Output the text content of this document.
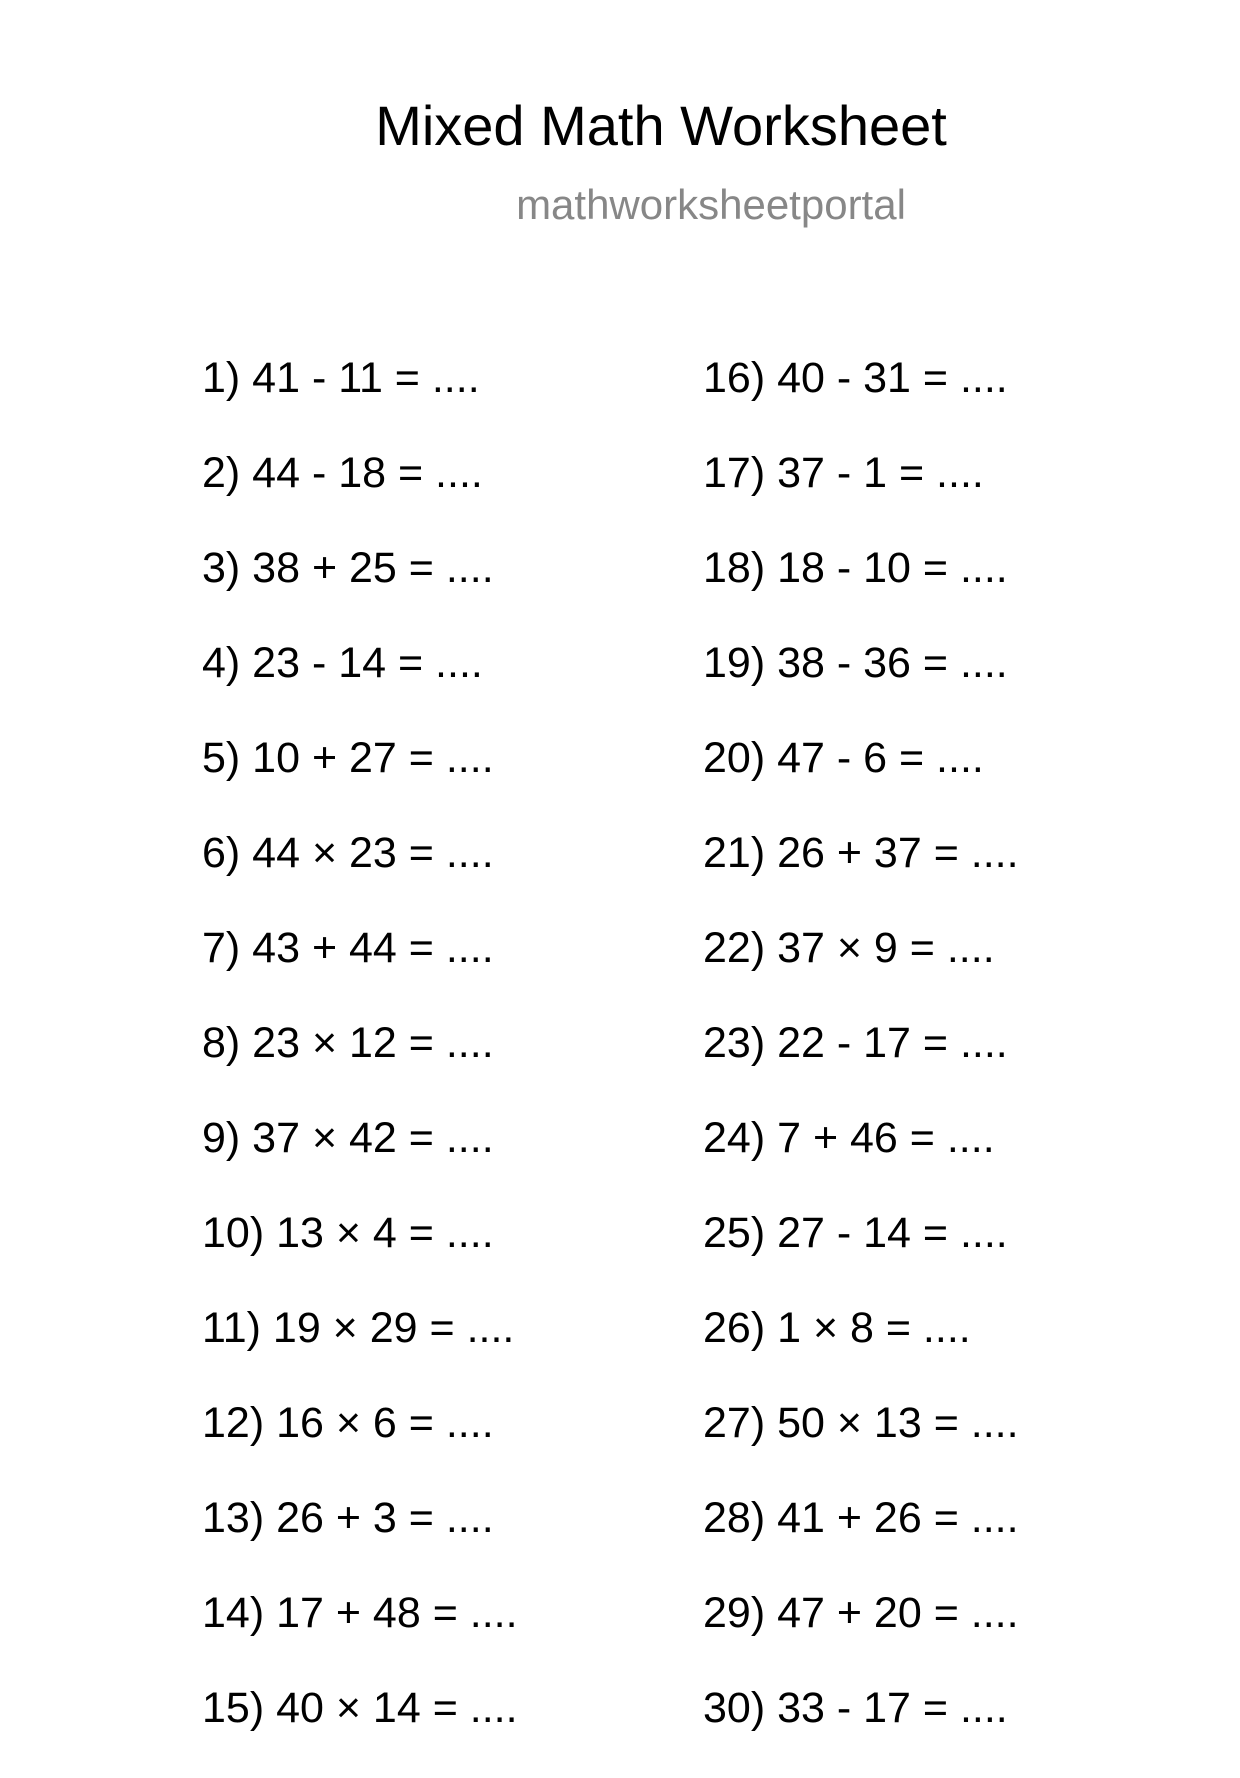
Mixed Math Worksheet
mathworksheetportal
1) 41 - 11 = ....
2) 44 - 18 = ....
3) 38 + 25 = ....
4) 23 - 14 = ....
5) 10 + 27 = ....
6) 44 × 23 = ....
7) 43 + 44 = ....
8) 23 × 12 = ....
9) 37 × 42 = ....
10) 13 × 4 = ....
11) 19 × 29 = ....
12) 16 × 6 = ....
13) 26 + 3 = ....
14) 17 + 48 = ....
15) 40 × 14 = ....
16) 40 - 31 = ....
17) 37 - 1 = ....
18) 18 - 10 = ....
19) 38 - 36 = ....
20) 47 - 6 = ....
21) 26 + 37 = ....
22) 37 × 9 = ....
23) 22 - 17 = ....
24) 7 + 46 = ....
25) 27 - 14 = ....
26) 1 × 8 = ....
27) 50 × 13 = ....
28) 41 + 26 = ....
29) 47 + 20 = ....
30) 33 - 17 = ....
